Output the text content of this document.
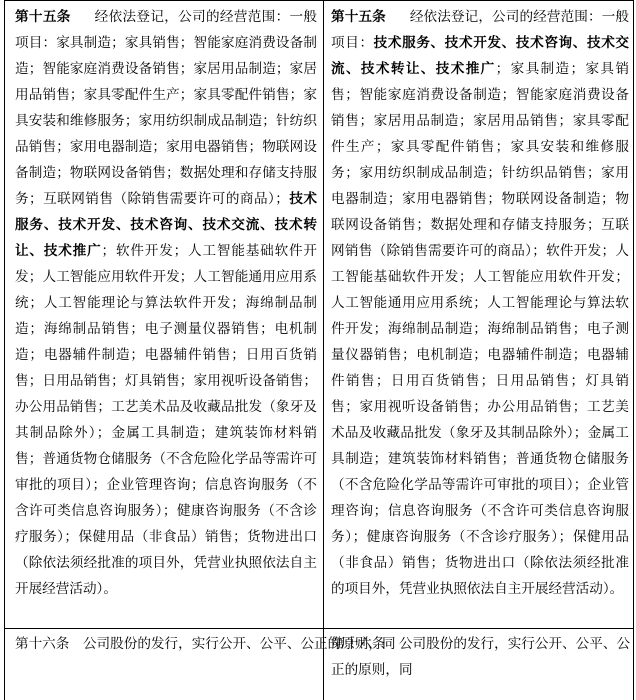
第十五条 经依法登记，公司的经营范围：一般项目：家具制造；家具销售；智能家庭消费设备制造；智能家庭消费设备销售；家居用品制造；家居用品销售；家具零配件生产；家具零配件销售；家具安装和维修服务；家用纺织制成品制造；针纺织品销售；家用电器制造；家用电器销售；物联网设备制造；物联网设备销售；数据处理和存储支持服务；互联网销售（除销售需要许可的商品）；技术服务、技术开发、技术咨询、技术交流、技术转让、技术推广；软件开发；人工智能基础软件开发；人工智能应用软件开发；人工智能通用应用系统；人工智能理论与算法软件开发；海绵制品制造；海绵制品销售；电子测量仪器销售；电机制造；电器辅件制造；电器辅件销售；日用百货销售；日用品销售；灯具销售；家用视听设备销售；办公用品销售；工艺美术品及收藏品批发（象牙及其制品除外）；金属工具制造；建筑装饰材料销售；普通货物仓储服务（不含危险化学品等需许可审批的项目）；企业管理咨询；信息咨询服务（不含许可类信息咨询服务）；健康咨询服务（不含诊疗服务）；保健用品（非食品）销售；货物进出口（除依法须经批准的项目外，凭营业执照依法自主开展经营活动）。
第十五条 经依法登记，公司的经营范围：一般项目：技术服务、技术开发、技术咨询、技术交流、技术转让、技术推广；家具制造；家具销售；智能家庭消费设备制造；智能家庭消费设备销售；家居用品制造；家居用品销售；家具零配件生产；家具零配件销售；家具安装和维修服务；家用纺织制成品制造；针纺织品销售；家用电器制造；家用电器销售；物联网设备制造；物联网设备销售；数据处理和存储支持服务；互联网销售（除销售需要许可的商品）；软件开发；人工智能基础软件开发；人工智能应用软件开发；人工智能通用应用系统；人工智能理论与算法软件开发；海绵制品制造；海绵制品销售；电子测量仪器销售；电机制造；电器辅件制造；电器辅件销售；日用百货销售；日用品销售；灯具销售；家用视听设备销售；办公用品销售；工艺美术品及收藏品批发（象牙及其制品除外）；金属工具制造；建筑装饰材料销售；普通货物仓储服务（不含危险化学品等需许可审批的项目）；企业管理咨询；信息咨询服务（不含许可类信息咨询服务）；健康咨询服务（不含诊疗服务）；保健用品（非食品）销售；货物进出口（除依法须经批准的项目外，凭营业执照依法自主开展经营活动）。
第十六条　公司股份的发行，实行公开、公平、公正的原则，同
第十六条　公司股份的发行，实行公开、公平、公正的原则，同
